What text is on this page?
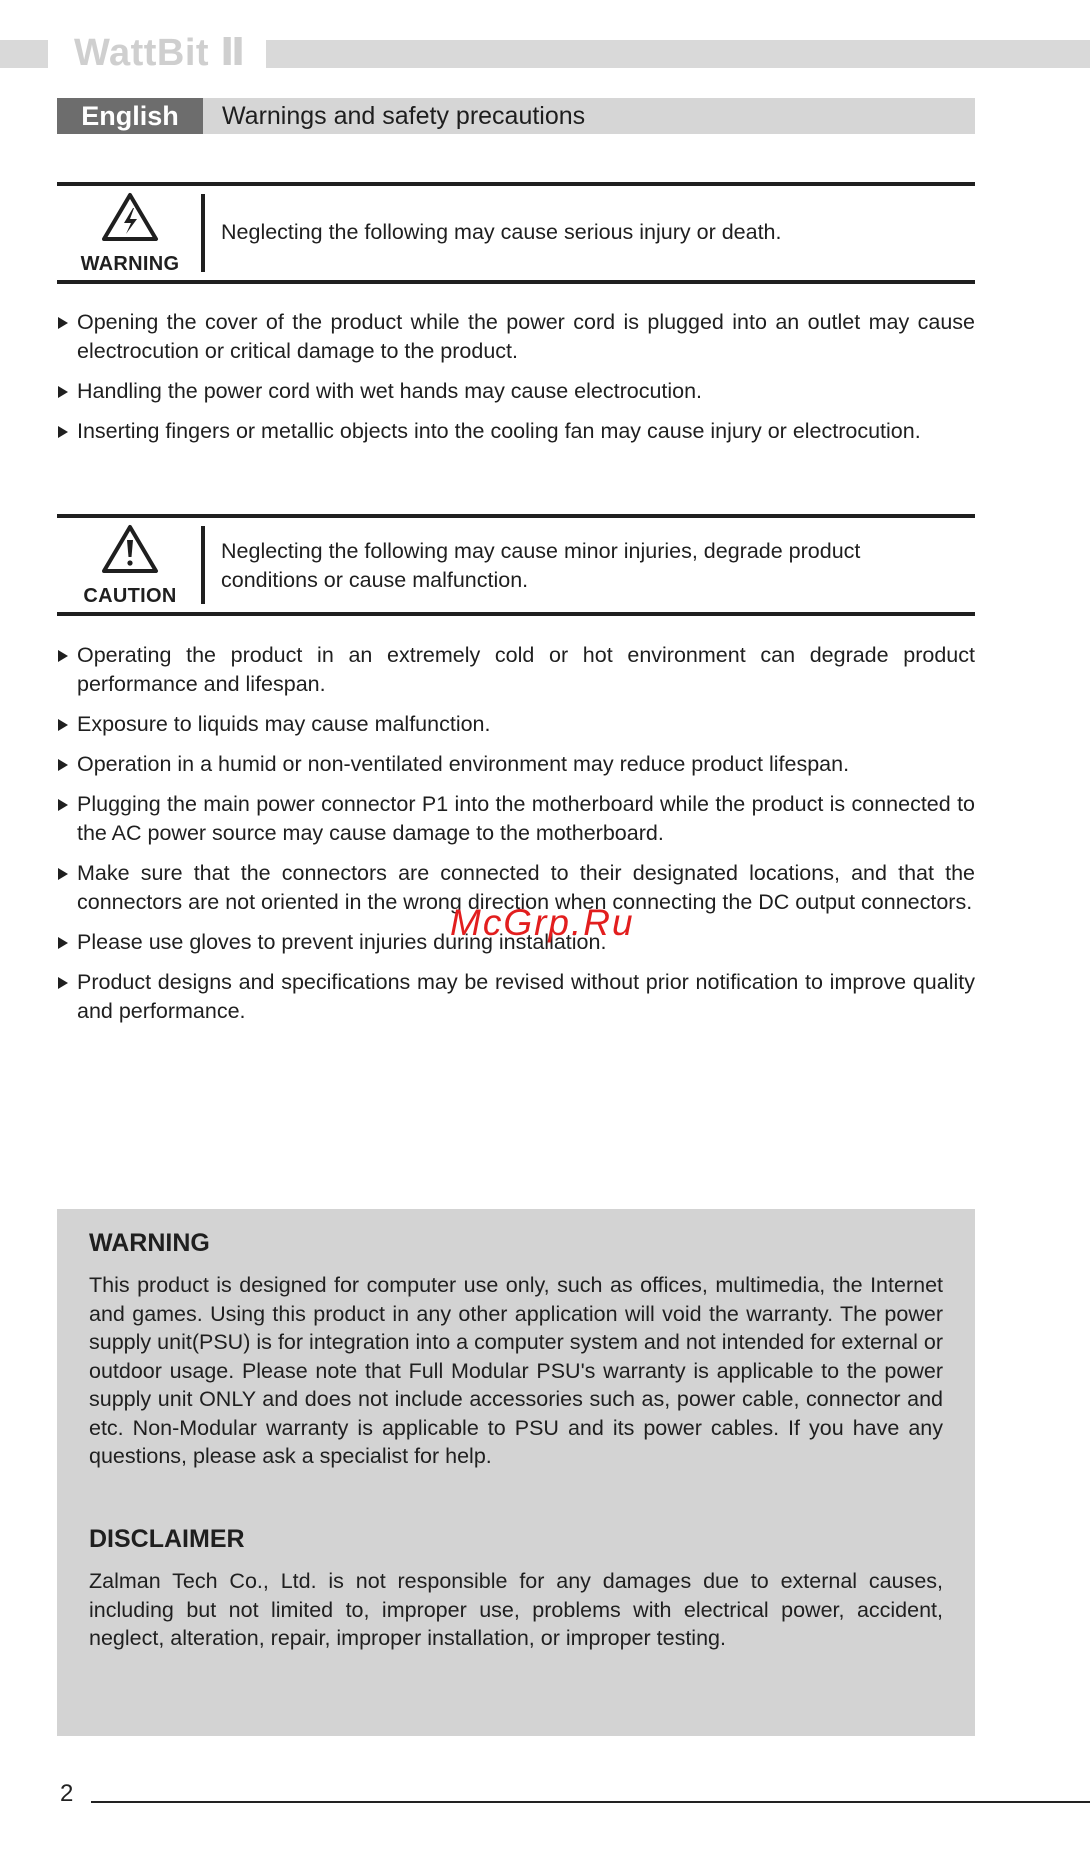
WattBit Ⅱ
English	Warnings and safety precautions
WARNING
Neglecting the following may cause serious injury or death.
Opening the cover of the product while the power cord is plugged into an outlet may cause electrocution or critical damage to the product.
Handling the power cord with wet hands may cause electrocution.
Inserting fingers or metallic objects into the cooling fan may cause injury or electrocution.
CAUTION
Neglecting the following may cause minor injuries, degrade product conditions or cause malfunction.
Operating the product in an extremely cold or hot environment can degrade product performance and lifespan.
Exposure to liquids may cause malfunction.
Operation in a humid or non-ventilated environment may reduce product lifespan.
Plugging the main power connector P1 into the motherboard while the product is connected to the AC power source may cause damage to the motherboard.
Make sure that the connectors are connected to their designated locations, and that the connectors are not oriented in the wrong direction when connecting the DC output connectors.
Please use gloves to prevent injuries during installation.
Product designs and specifications may be revised without prior notification to improve quality and performance.
McGrp.Ru
WARNING

This product is designed for computer use only, such as offices, multimedia, the Internet and games. Using this product in any other application will void the warranty. The power supply unit(PSU) is for integration into a computer system and not intended for external or outdoor usage. Please note that Full Modular PSU's warranty is applicable to the power supply unit ONLY and does not include accessories such as, power cable, connector and etc. Non-Modular warranty is applicable to PSU and its power cables. If you have any questions, please ask a specialist for help.

DISCLAIMER

Zalman Tech Co., Ltd. is not responsible for any damages due to external causes, including but not limited to, improper use, problems with electrical power, accident, neglect, alteration, repair, improper installation, or improper testing.

2
